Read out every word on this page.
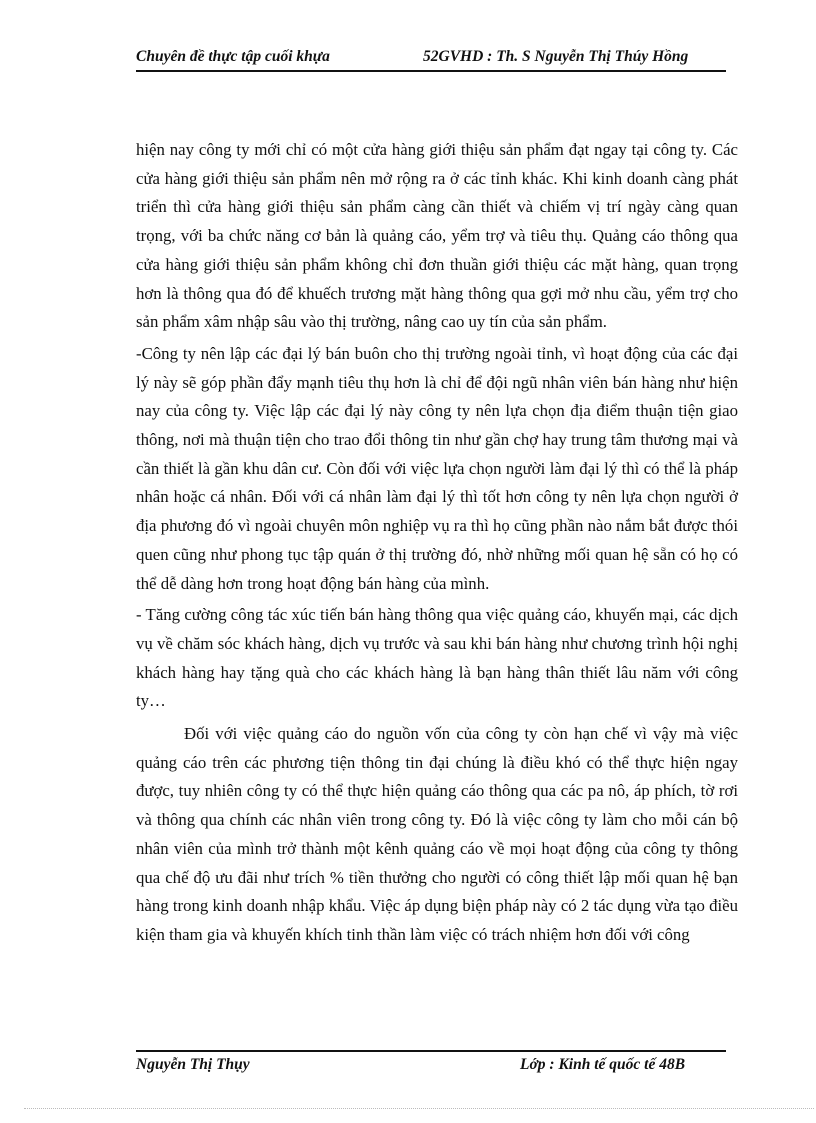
Chuyên đề thực tập cuối khựa	52GVHD : Th. S Nguyễn Thị Thúy Hồng

hiện nay công ty mới chỉ có một cửa hàng giới thiệu sản phẩm đạt ngay tại công ty. Các cửa hàng giới thiệu sản phẩm nên mở rộng ra ở các tỉnh khác. Khi kinh doanh càng phát triển thì cửa hàng giới thiệu sản phẩm càng cần thiết và chiếm vị trí ngày càng quan trọng, với ba chức năng cơ bản là quảng cáo, yểm trợ và tiêu thụ. Quảng cáo thông qua cửa hàng giới thiệu sản phẩm không chỉ đơn thuần giới thiệu các mặt hàng, quan trọng hơn là thông qua đó để khuếch trương mặt hàng thông qua gợi mở nhu cầu, yểm trợ cho sản phẩm xâm nhập sâu vào thị trường, nâng cao uy tín của sản phẩm.

-Công ty nên lập các đại lý bán buôn cho thị trường ngoài tỉnh, vì hoạt động của các đại lý này sẽ góp phần đẩy mạnh tiêu thụ hơn là chỉ để đội ngũ nhân viên bán hàng như hiện nay của công ty. Việc lập các đại lý này công ty nên lựa chọn địa điểm thuận tiện giao thông, nơi mà thuận tiện cho trao đổi thông tin như gần chợ hay trung tâm thương mại và cần thiết là gần khu dân cư. Còn đối với việc lựa chọn người làm đại lý thì có thể là pháp nhân hoặc cá nhân. Đối với cá nhân làm đại lý thì tốt hơn công ty nên lựa chọn người ở địa phương đó vì ngoài chuyên môn nghiệp vụ ra thì họ cũng phần nào nắm bắt được thói quen cũng như phong tục tập quán ở thị trường đó, nhờ những mối quan hệ sẵn có họ có thể dễ dàng hơn trong hoạt động bán hàng của mình.

- Tăng cường công tác xúc tiến bán hàng thông qua việc quảng cáo, khuyến mại, các dịch vụ về chăm sóc khách hàng, dịch vụ trước và sau khi bán hàng như chương trình hội nghị khách hàng hay tặng quà cho các khách hàng là bạn hàng thân thiết lâu năm với công ty…

Đối với việc quảng cáo do nguồn vốn của công ty còn hạn chế vì vậy mà việc quảng cáo trên các phương tiện thông tin đại chúng là điều khó có thể thực hiện ngay được, tuy nhiên công ty có thể thực hiện quảng cáo thông qua các pa nô, áp phích, tờ rơi và thông qua chính các nhân viên trong công ty. Đó là việc công ty làm cho mỗi cán bộ nhân viên của mình trở thành một kênh quảng cáo về mọi hoạt động của công ty thông qua chế độ ưu đãi như trích % tiền thưởng cho người có công thiết lập mối quan hệ bạn hàng trong kinh doanh nhập khẩu. Việc áp dụng biện pháp này có 2 tác dụng vừa tạo điều kiện tham gia và khuyến khích tinh thần làm việc có trách nhiệm hơn đối với công

Nguyễn Thị Thụy	Lớp : Kinh tế quốc tế 48B
